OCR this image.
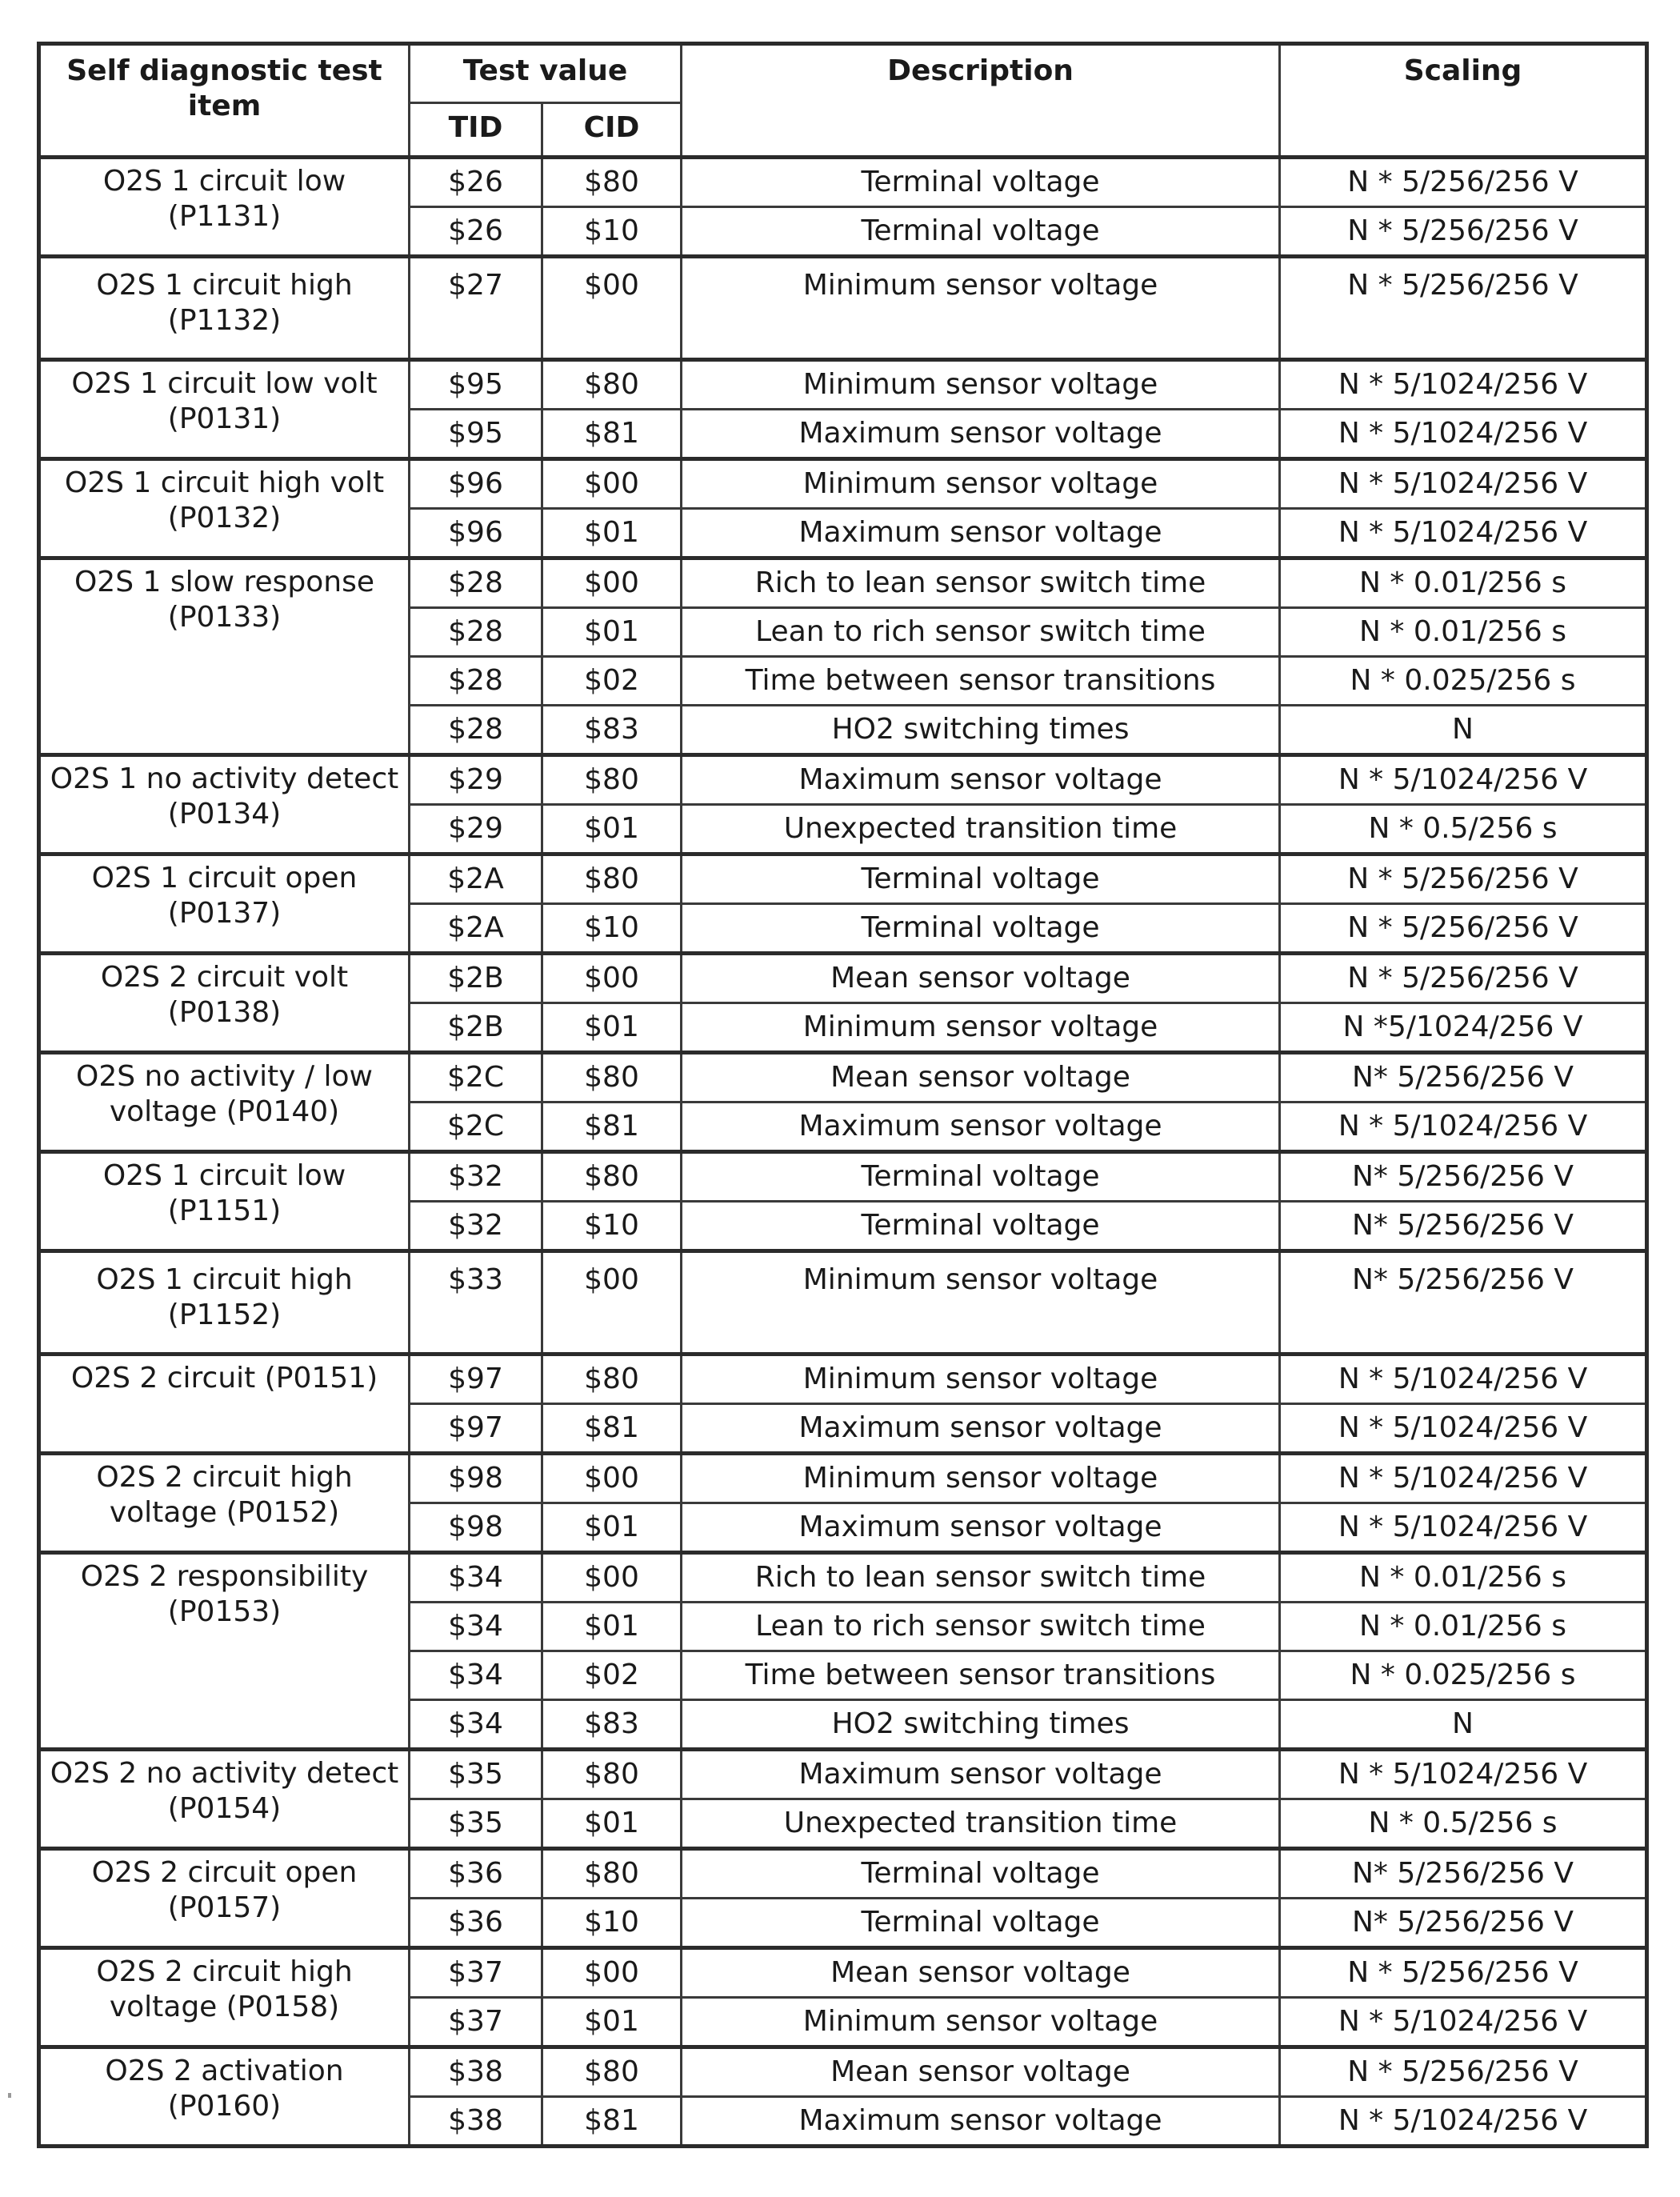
Self diagnostic test item	Test value		Description	Scaling
	TID	CID		
O2S 1 circuit low (P1131)	$26	$80	Terminal voltage	N * 5/256/256 V
	$26	$10	Terminal voltage	N * 5/256/256 V
O2S 1 circuit high (P1132)	$27	$00	Minimum sensor voltage	N * 5/256/256 V
O2S 1 circuit low volt (P0131)	$95	$80	Minimum sensor voltage	N * 5/1024/256 V
	$95	$81	Maximum sensor voltage	N * 5/1024/256 V
O2S 1 circuit high volt (P0132)	$96	$00	Minimum sensor voltage	N * 5/1024/256 V
	$96	$01	Maximum sensor voltage	N * 5/1024/256 V
O2S 1 slow response (P0133)	$28	$00	Rich to lean sensor switch time	N * 0.01/256 s
	$28	$01	Lean to rich sensor switch time	N * 0.01/256 s
	$28	$02	Time between sensor transitions	N * 0.025/256 s
	$28	$83	HO2 switching times	N
O2S 1 no activity detect (P0134)	$29	$80	Maximum sensor voltage	N * 5/1024/256 V
	$29	$01	Unexpected transition time	N * 0.5/256 s
O2S 1 circuit open (P0137)	$2A	$80	Terminal voltage	N * 5/256/256 V
	$2A	$10	Terminal voltage	N * 5/256/256 V
O2S 2 circuit volt (P0138)	$2B	$00	Mean sensor voltage	N * 5/256/256 V
	$2B	$01	Minimum sensor voltage	N *5/1024/256 V
O2S no activity / low voltage (P0140)	$2C	$80	Mean sensor voltage	N* 5/256/256 V
	$2C	$81	Maximum sensor voltage	N * 5/1024/256 V
O2S 1 circuit low (P1151)	$32	$80	Terminal voltage	N* 5/256/256 V
	$32	$10	Terminal voltage	N* 5/256/256 V
O2S 1 circuit high (P1152)	$33	$00	Minimum sensor voltage	N* 5/256/256 V
O2S 2 circuit (P0151)	$97	$80	Minimum sensor voltage	N * 5/1024/256 V
	$97	$81	Maximum sensor voltage	N * 5/1024/256 V
O2S 2 circuit high voltage (P0152)	$98	$00	Minimum sensor voltage	N * 5/1024/256 V
	$98	$01	Maximum sensor voltage	N * 5/1024/256 V
O2S 2 responsibility (P0153)	$34	$00	Rich to lean sensor switch time	N * 0.01/256 s
	$34	$01	Lean to rich sensor switch time	N * 0.01/256 s
	$34	$02	Time between sensor transitions	N * 0.025/256 s
	$34	$83	HO2 switching times	N
O2S 2 no activity detect (P0154)	$35	$80	Maximum sensor voltage	N * 5/1024/256 V
	$35	$01	Unexpected transition time	N * 0.5/256 s
O2S 2 circuit open (P0157)	$36	$80	Terminal voltage	N* 5/256/256 V
	$36	$10	Terminal voltage	N* 5/256/256 V
O2S 2 circuit high voltage (P0158)	$37	$00	Mean sensor voltage	N * 5/256/256 V
	$37	$01	Minimum sensor voltage	N * 5/1024/256 V
O2S 2 activation (P0160)	$38	$80	Mean sensor voltage	N * 5/256/256 V
	$38	$81	Maximum sensor voltage	N * 5/1024/256 V
